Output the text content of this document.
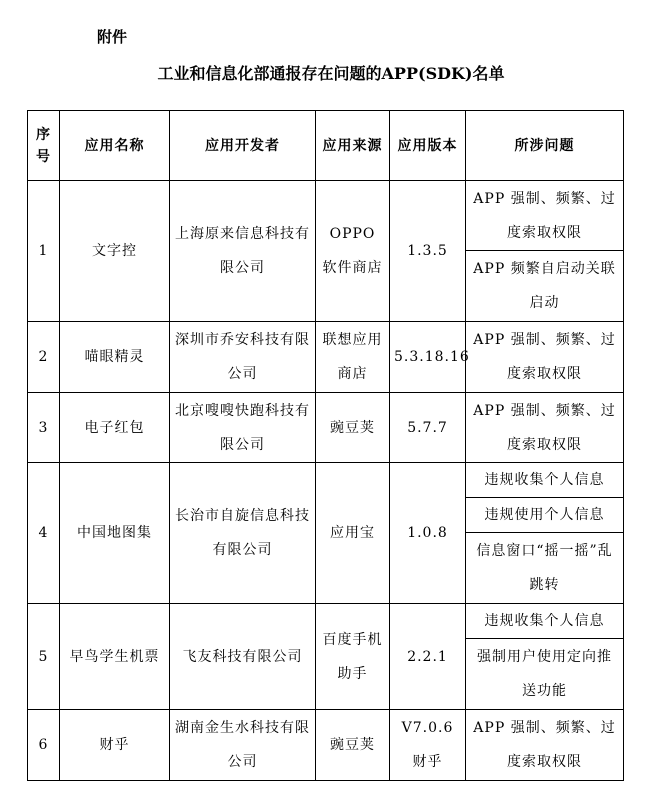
附件
工业和信息化部通报存在问题的APP(SDK)名单
序
号	应用名称	应用开发者	应用来源	应用版本	所涉问题
1	文字控	上海原来信息科技有限公司	OPPO 软件商店	1.3.5	APP 强制、频繁、过度索取权限
					APP 频繁自启动关联启动
2	喵眼精灵	深圳市乔安科技有限公司	联想应用商店	5.3.18.16	APP 强制、频繁、过度索取权限
3	电子红包	北京嗖嗖快跑科技有限公司	豌豆荚	5.7.7	APP 强制、频繁、过度索取权限
4	中国地图集	长治市自旋信息科技有限公司	应用宝	1.0.8	违规收集个人信息
					违规使用个人信息
					信息窗口“摇一摇”乱跳转
5	早鸟学生机票	飞友科技有限公司	百度手机助手	2.2.1	违规收集个人信息
					强制用户使用定向推送功能
6	财乎	湖南金生水科技有限公司	豌豆荚	V7.0.6 财乎	APP 强制、频繁、过度索取权限
